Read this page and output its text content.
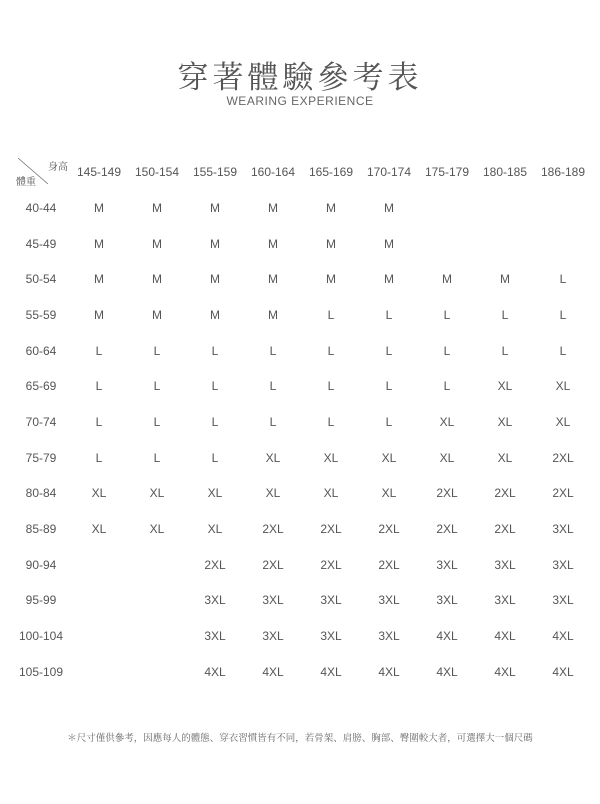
穿著體驗參考表
WEARING EXPERIENCE
身高
體重	145-149	150-154	155-159	160-164	165-169	170-174	175-179	180-185	186-189
40-44	M	M	M	M	M	M			
45-49	M	M	M	M	M	M			
50-54	M	M	M	M	M	M	M	M	L
55-59	M	M	M	M	L	L	L	L	L
60-64	L	L	L	L	L	L	L	L	L
65-69	L	L	L	L	L	L	L	XL	XL
70-74	L	L	L	L	L	L	XL	XL	XL
75-79	L	L	L	XL	XL	XL	XL	XL	2XL
80-84	XL	XL	XL	XL	XL	XL	2XL	2XL	2XL
85-89	XL	XL	XL	2XL	2XL	2XL	2XL	2XL	3XL
90-94			2XL	2XL	2XL	2XL	3XL	3XL	3XL
95-99			3XL	3XL	3XL	3XL	3XL	3XL	3XL
100-104			3XL	3XL	3XL	3XL	4XL	4XL	4XL
105-109			4XL	4XL	4XL	4XL	4XL	4XL	4XL
＊尺寸僅供參考，因應每人的體態、穿衣習慣皆有不同，若骨架、肩膀、胸部、臀圍較大者，可選擇大一個尺碼
